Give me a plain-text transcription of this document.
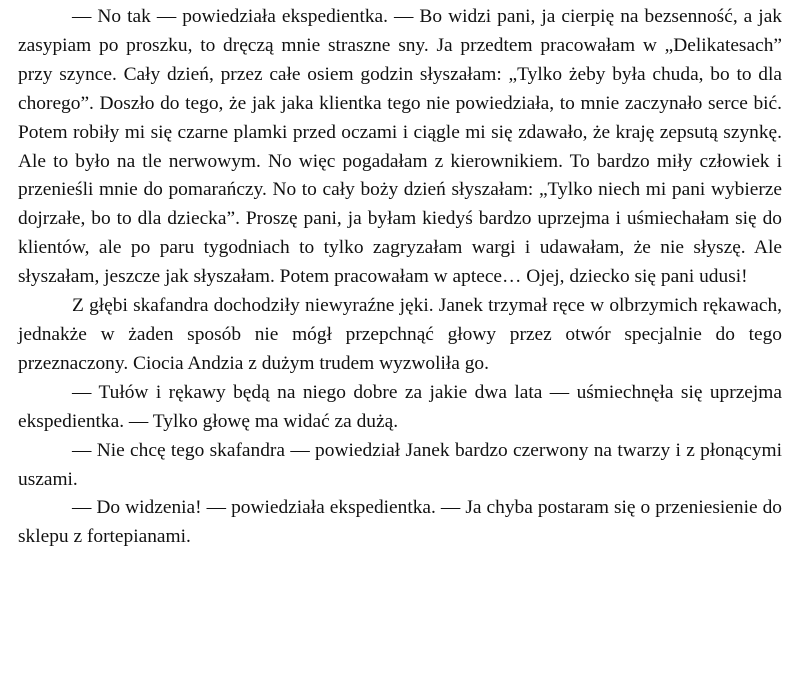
— No tak — powiedziała ekspedientka. — Bo widzi pani, ja cierpię na bezsenność, a jak zasypiam po proszku, to dręczą mnie straszne sny. Ja przedtem pracowałam w „Delikatesach” przy szynce. Cały dzień, przez całe osiem godzin słyszałam: „Tylko żeby była chuda, bo to dla chorego”. Doszło do tego, że jak jaka klientka tego nie powiedziała, to mnie zaczynało serce bić. Potem robiły mi się czarne plamki przed oczami i ciągle mi się zdawało, że kraję zepsutą szynkę. Ale to było na tle nerwowym. No więc pogadałam z kierownikiem. To bardzo miły człowiek i przenieśli mnie do pomarańczy. No to cały boży dzień słyszałam: „Tylko niech mi pani wybierze dojrzałe, bo to dla dziecka”. Proszę pani, ja byłam kiedyś bardzo uprzejma i uśmiechałam się do klientów, ale po paru tygodniach to tylko zagryzałam wargi i udawałam, że nie słyszę. Ale słyszałam, jeszcze jak słyszałam. Potem pracowałam w aptece… Ojej, dziecko się pani udusi!

Z głębi skafandra dochodziły niewyraźne jęki. Janek trzymał ręce w olbrzymich rękawach, jednakże w żaden sposób nie mógł przepchnąć głowy przez otwór specjalnie do tego przeznaczony. Ciocia Andzia z dużym trudem wyzwoliła go.

— Tułów i rękawy będą na niego dobre za jakie dwa lata — uśmiechnęła się uprzejma ekspedientka. — Tylko głowę ma widać za dużą.

— Nie chcę tego skafandra — powiedział Janek bardzo czerwony na twarzy i z płonącymi uszami.

— Do widzenia! — powiedziała ekspedientka. — Ja chyba postaram się o przeniesienie do sklepu z fortepianami.
